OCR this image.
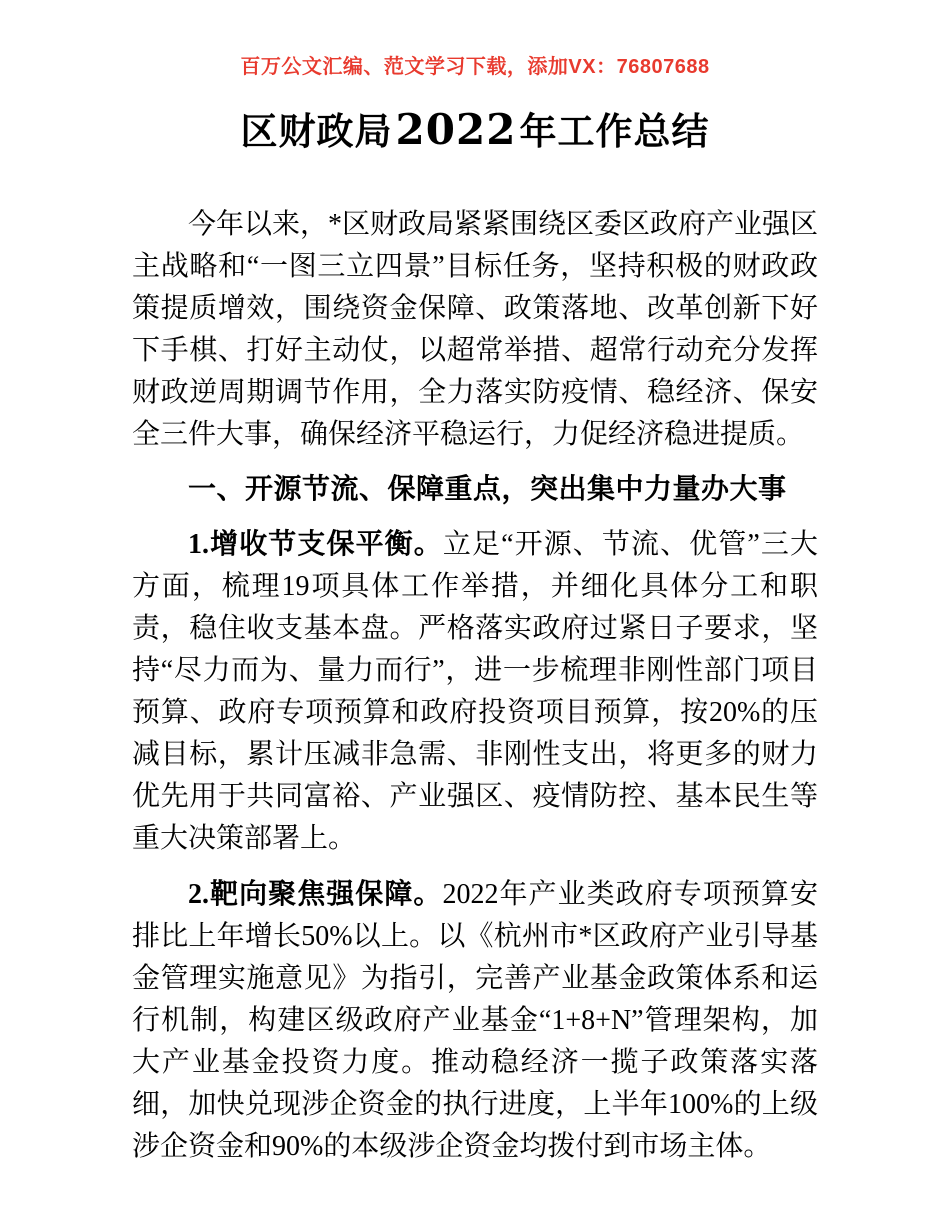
百万公文汇编、范文学习下载，添加VX：76807688
区财政局2022年工作总结

今年以来，*区财政局紧紧围绕区委区政府产业强区主战略和“一图三立四景”目标任务，坚持积极的财政政策提质增效，围绕资金保障、政策落地、改革创新下好下手棋、打好主动仗，以超常举措、超常行动充分发挥财政逆周期调节作用，全力落实防疫情、稳经济、保安全三件大事，确保经济平稳运行，力促经济稳进提质。

一、开源节流、保障重点，突出集中力量办大事

1.增收节支保平衡。立足“开源、节流、优管”三大方面，梳理19项具体工作举措，并细化具体分工和职责，稳住收支基本盘。严格落实政府过紧日子要求，坚持“尽力而为、量力而行”，进一步梳理非刚性部门项目预算、政府专项预算和政府投资项目预算，按20%的压减目标，累计压减非急需、非刚性支出，将更多的财力优先用于共同富裕、产业强区、疫情防控、基本民生等重大决策部署上。

2.靶向聚焦强保障。2022年产业类政府专项预算安排比上年增长50%以上。以《杭州市*区政府产业引导基金管理实施意见》为指引，完善产业基金政策体系和运行机制，构建区级政府产业基金“1+8+N”管理架构，加大产业基金投资力度。推动稳经济一揽子政策落实落细，加快兑现涉企资金的执行进度，上半年100%的上级涉企资金和90%的本级涉企资金均拨付到市场主体。
